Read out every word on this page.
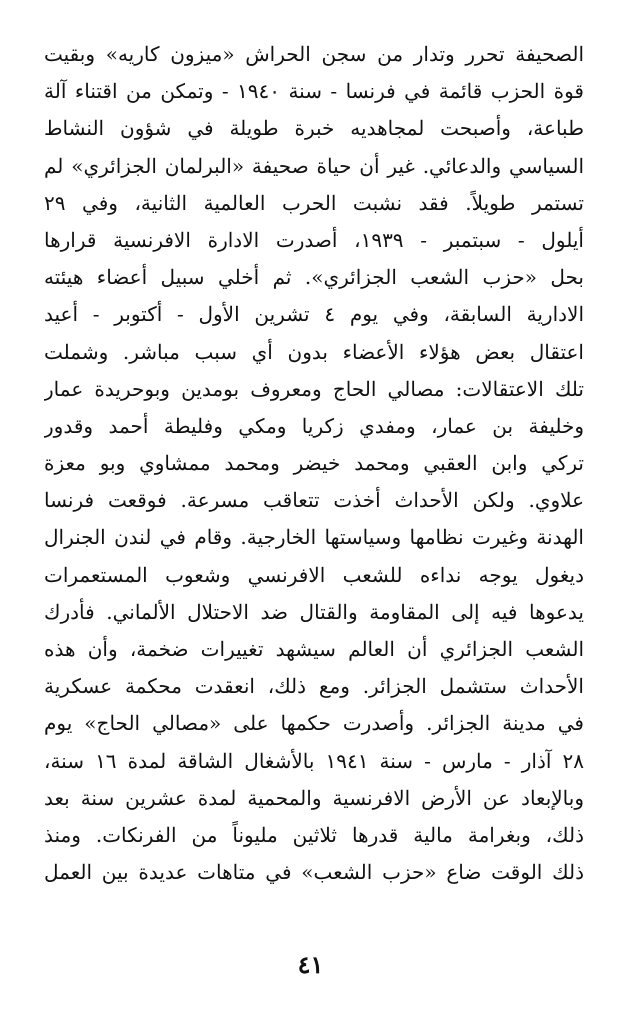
الصحيفة تحرر وتدار من سجن الحراش «ميزون كاريه» وبقيت
قوة الحزب قائمة في فرنسا - سنة ١٩٤٠ - وتمكن من اقتناء آلة
طباعة، وأصبحت لمجاهديه خبرة طويلة في شؤون النشاط
السياسي والدعائي. غير أن حياة صحيفة «البرلمان الجزائري» لم
تستمر طويلاً. فقد نشبت الحرب العالمية الثانية، وفي ٢٩
أيلول - سبتمبر - ١٩٣٩، أصدرت الادارة الافرنسية قرارها
بحل «حزب الشعب الجزائري». ثم أخلي سبيل أعضاء هيئته
الادارية السابقة، وفي يوم ٤ تشرين الأول - أكتوبر - أعيد
اعتقال بعض هؤلاء الأعضاء بدون أي سبب مباشر. وشملت
تلك الاعتقالات: مصالي الحاج ومعروف بومدين وبوحريدة عمار
وخليفة بن عمار، ومفدي زكريا ومكي وفليطة أحمد وقدور
تركي وابن العقبي ومحمد خيضر ومحمد ممشاوي وبو معزة
علاوي. ولكن الأحداث أخذت تتعاقب مسرعة. فوقعت فرنسا
الهدنة وغيرت نظامها وسياستها الخارجية. وقام في لندن الجنرال
ديغول يوجه نداءه للشعب الافرنسي وشعوب المستعمرات
يدعوها فيه إلى المقاومة والقتال ضد الاحتلال الألماني. فأدرك
الشعب الجزائري أن العالم سيشهد تغييرات ضخمة، وأن هذه
الأحداث ستشمل الجزائر. ومع ذلك، انعقدت محكمة عسكرية
في مدينة الجزائر. وأصدرت حكمها على «مصالي الحاج» يوم
٢٨ آذار - مارس - سنة ١٩٤١ بالأشغال الشاقة لمدة ١٦ سنة،
وبالإبعاد عن الأرض الافرنسية والمحمية لمدة عشرين سنة بعد
ذلك، وبغرامة مالية قدرها ثلاثين مليوناً من الفرنكات. ومنذ
ذلك الوقت ضاع «حزب الشعب» في متاهات عديدة بين العمل
٤١
